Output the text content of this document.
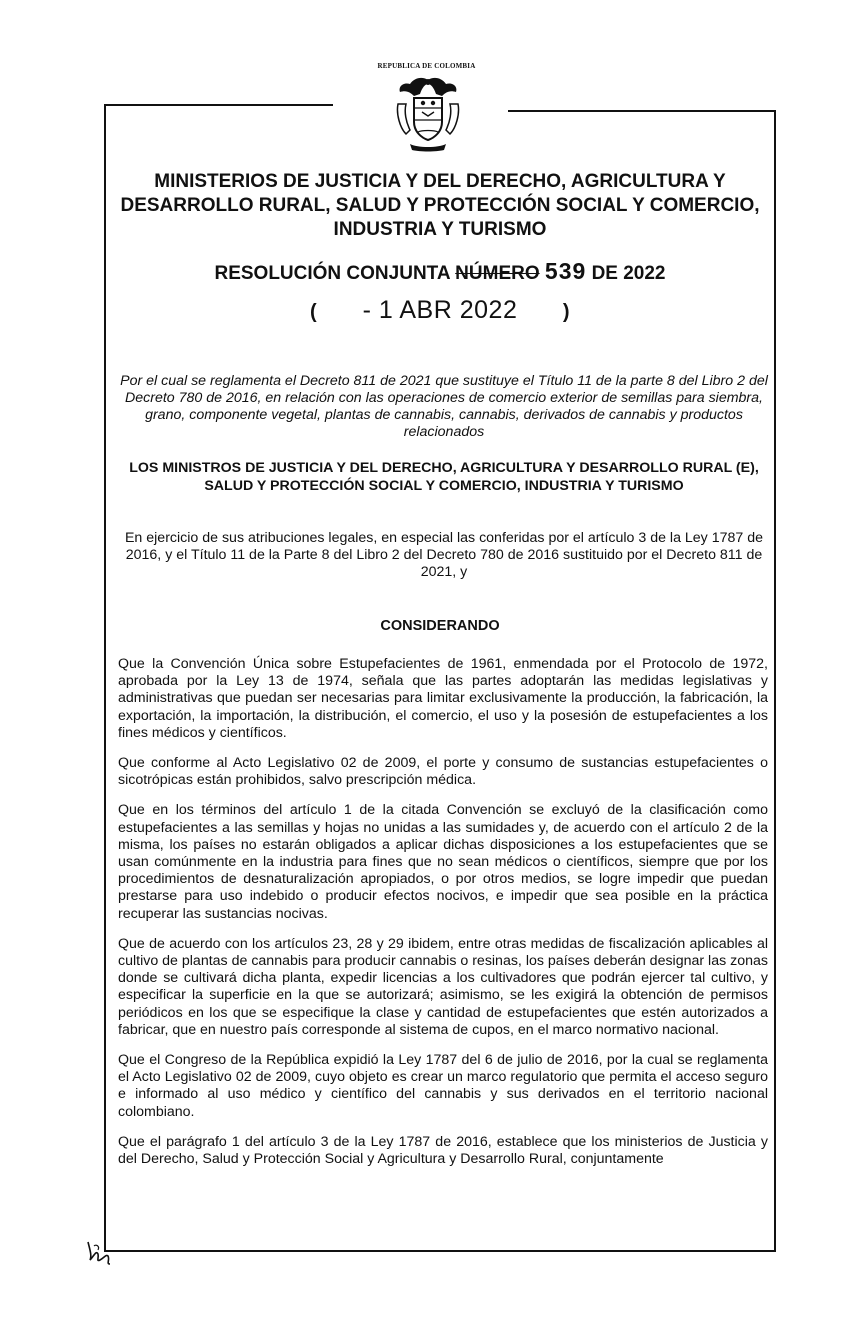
REPUBLICA DE COLOMBIA
MINISTERIOS DE JUSTICIA Y DEL DERECHO, AGRICULTURA Y DESARROLLO RURAL, SALUD Y PROTECCIÓN SOCIAL Y COMERCIO, INDUSTRIA Y TURISMO
RESOLUCIÓN CONJUNTA NÚMERO 539 DE 2022
( - 1 ABR 2022 )
Por el cual se reglamenta el Decreto 811 de 2021 que sustituye el Título 11 de la parte 8 del Libro 2 del Decreto 780 de 2016, en relación con las operaciones de comercio exterior de semillas para siembra, grano, componente vegetal, plantas de cannabis, cannabis, derivados de cannabis y productos relacionados
LOS MINISTROS DE JUSTICIA Y DEL DERECHO, AGRICULTURA Y DESARROLLO RURAL (E), SALUD Y PROTECCIÓN SOCIAL Y COMERCIO, INDUSTRIA Y TURISMO
En ejercicio de sus atribuciones legales, en especial las conferidas por el artículo 3 de la Ley 1787 de 2016, y el Título 11 de la Parte 8 del Libro 2 del Decreto 780 de 2016 sustituido por el Decreto 811 de 2021, y
CONSIDERANDO

Que la Convención Única sobre Estupefacientes de 1961, enmendada por el Protocolo de 1972, aprobada por la Ley 13 de 1974, señala que las partes adoptarán las medidas legislativas y administrativas que puedan ser necesarias para limitar exclusivamente la producción, la fabricación, la exportación, la importación, la distribución, el comercio, el uso y la posesión de estupefacientes a los fines médicos y científicos.

Que conforme al Acto Legislativo 02 de 2009, el porte y consumo de sustancias estupefacientes o sicotrópicas están prohibidos, salvo prescripción médica.

Que en los términos del artículo 1 de la citada Convención se excluyó de la clasificación como estupefacientes a las semillas y hojas no unidas a las sumidades y, de acuerdo con el artículo 2 de la misma, los países no estarán obligados a aplicar dichas disposiciones a los estupefacientes que se usan comúnmente en la industria para fines que no sean médicos o científicos, siempre que por los procedimientos de desnaturalización apropiados, o por otros medios, se logre impedir que puedan prestarse para uso indebido o producir efectos nocivos, e impedir que sea posible en la práctica recuperar las sustancias nocivas.

Que de acuerdo con los artículos 23, 28 y 29 ibidem, entre otras medidas de fiscalización aplicables al cultivo de plantas de cannabis para producir cannabis o resinas, los países deberán designar las zonas donde se cultivará dicha planta, expedir licencias a los cultivadores que podrán ejercer tal cultivo, y especificar la superficie en la que se autorizará; asimismo, se les exigirá la obtención de permisos periódicos en los que se especifique la clase y cantidad de estupefacientes que estén autorizados a fabricar, que en nuestro país corresponde al sistema de cupos, en el marco normativo nacional.

Que el Congreso de la República expidió la Ley 1787 del 6 de julio de 2016, por la cual se reglamenta el Acto Legislativo 02 de 2009, cuyo objeto es crear un marco regulatorio que permita el acceso seguro e informado al uso médico y científico del cannabis y sus derivados en el territorio nacional colombiano.

Que el parágrafo 1 del artículo 3 de la Ley 1787 de 2016, establece que los ministerios de Justicia y del Derecho, Salud y Protección Social y Agricultura y Desarrollo Rural, conjuntamente
